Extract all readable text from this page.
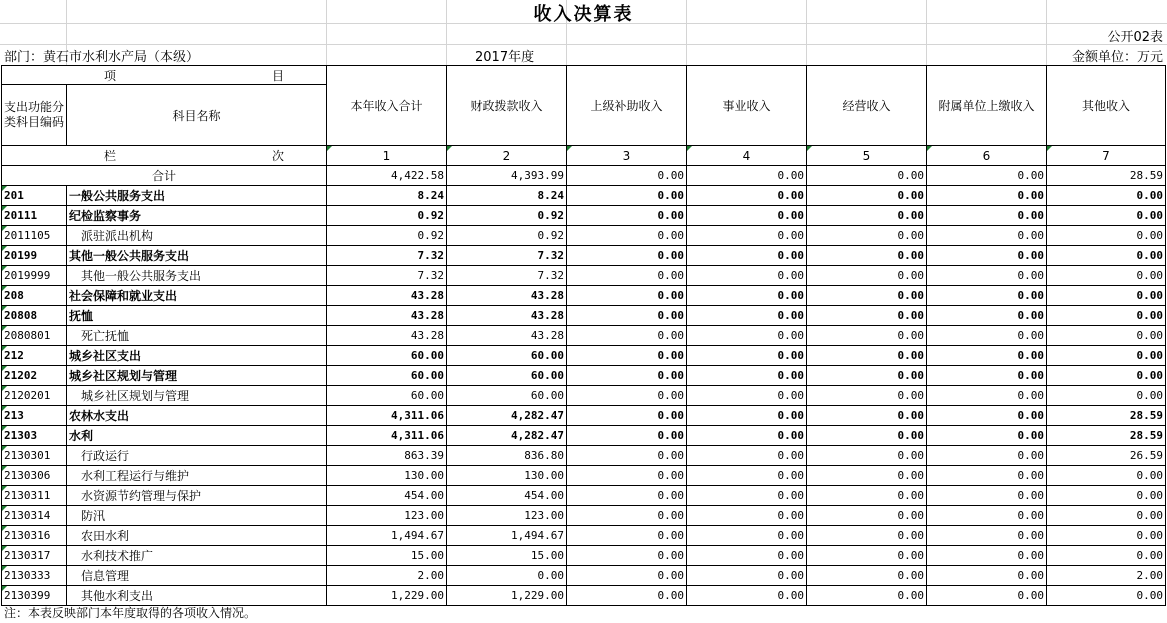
收入决算表
公开02表
部门：黄石市水利水产局（本级）	2017年度	金额单位：万元
项 目		本年收入合计	财政拨款收入	上级补助收入	事业收入	经营收入	附属单位上缴收入	其他收入
支出功能分类科目编码	科目名称							

栏 次		1	2	3	4	5	6	7
合计		4,422.58	4,393.99	0.00	0.00	0.00	0.00	28.59
201	一般公共服务支出	8.24	8.24	0.00	0.00	0.00	0.00	0.00
20111	纪检监察事务	0.92	0.92	0.00	0.00	0.00	0.00	0.00
2011105	派驻派出机构	0.92	0.92	0.00	0.00	0.00	0.00	0.00
20199	其他一般公共服务支出	7.32	7.32	0.00	0.00	0.00	0.00	0.00
2019999	其他一般公共服务支出	7.32	7.32	0.00	0.00	0.00	0.00	0.00
208	社会保障和就业支出	43.28	43.28	0.00	0.00	0.00	0.00	0.00
20808	抚恤	43.28	43.28	0.00	0.00	0.00	0.00	0.00
2080801	死亡抚恤	43.28	43.28	0.00	0.00	0.00	0.00	0.00
212	城乡社区支出	60.00	60.00	0.00	0.00	0.00	0.00	0.00
21202	城乡社区规划与管理	60.00	60.00	0.00	0.00	0.00	0.00	0.00
2120201	城乡社区规划与管理	60.00	60.00	0.00	0.00	0.00	0.00	0.00
213	农林水支出	4,311.06	4,282.47	0.00	0.00	0.00	0.00	28.59
21303	水利	4,311.06	4,282.47	0.00	0.00	0.00	0.00	28.59
2130301	行政运行	863.39	836.80	0.00	0.00	0.00	0.00	26.59
2130306	水利工程运行与维护	130.00	130.00	0.00	0.00	0.00	0.00	0.00
2130311	水资源节约管理与保护	454.00	454.00	0.00	0.00	0.00	0.00	0.00
2130314	防汛	123.00	123.00	0.00	0.00	0.00	0.00	0.00
2130316	农田水利	1,494.67	1,494.67	0.00	0.00	0.00	0.00	0.00
2130317	水利技术推广	15.00	15.00	0.00	0.00	0.00	0.00	0.00
2130333	信息管理	2.00	0.00	0.00	0.00	0.00	0.00	2.00
2130399	其他水利支出	1,229.00	1,229.00	0.00	0.00	0.00	0.00	0.00
注：本表反映部门本年度取得的各项收入情况。
